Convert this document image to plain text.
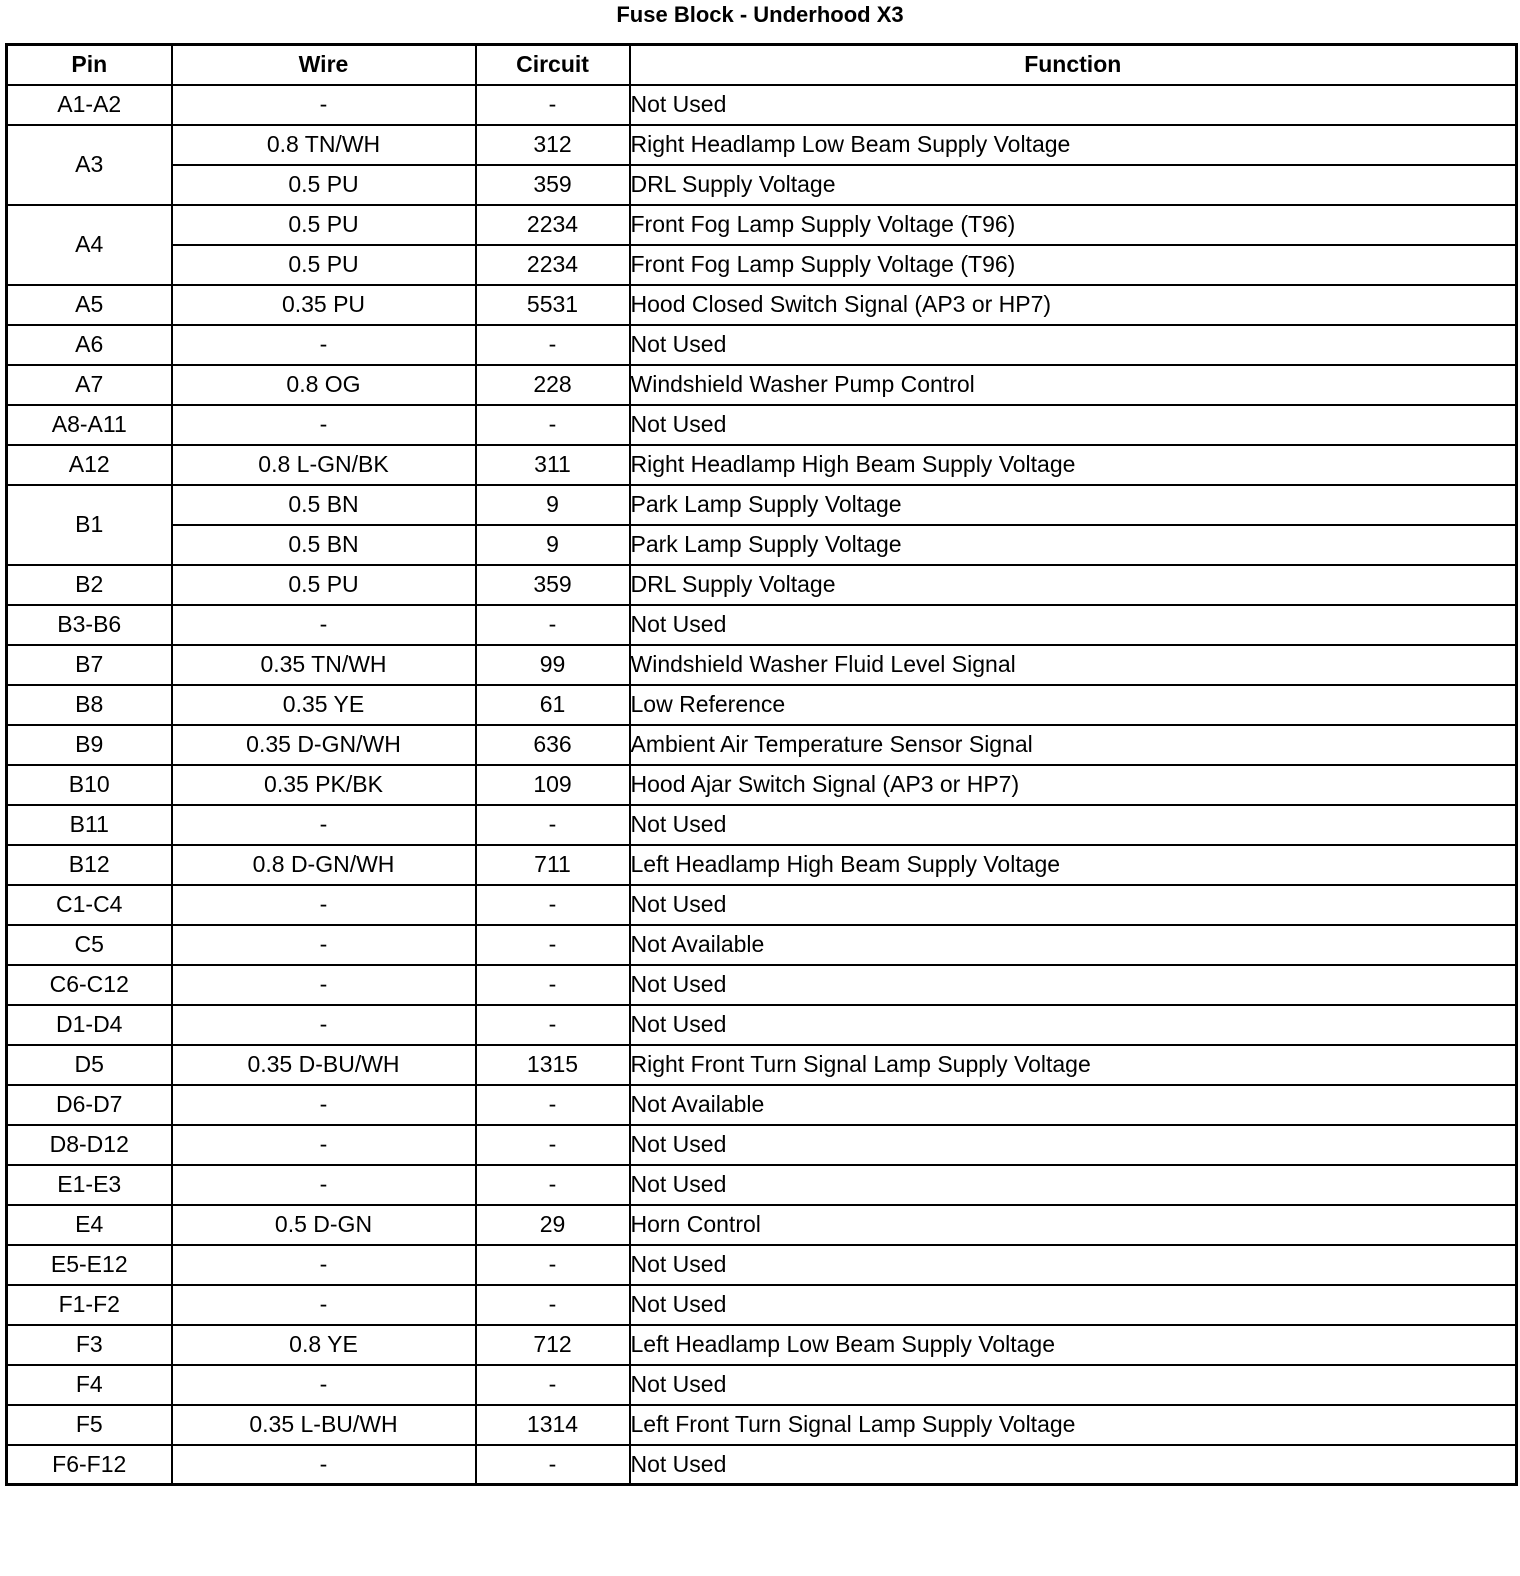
Fuse Block - Underhood X3
Pin	Wire	Circuit	Function
A1-A2	-	-	Not Used
A3	0.8 TN/WH	312	Right Headlamp Low Beam Supply Voltage
	0.5 PU	359	DRL Supply Voltage
A4	0.5 PU	2234	Front Fog Lamp Supply Voltage (T96)
	0.5 PU	2234	Front Fog Lamp Supply Voltage (T96)
A5	0.35 PU	5531	Hood Closed Switch Signal (AP3 or HP7)
A6	-	-	Not Used
A7	0.8 OG	228	Windshield Washer Pump Control
A8-A11	-	-	Not Used
A12	0.8 L-GN/BK	311	Right Headlamp High Beam Supply Voltage
B1	0.5 BN	9	Park Lamp Supply Voltage
	0.5 BN	9	Park Lamp Supply Voltage
B2	0.5 PU	359	DRL Supply Voltage
B3-B6	-	-	Not Used
B7	0.35 TN/WH	99	Windshield Washer Fluid Level Signal
B8	0.35 YE	61	Low Reference
B9	0.35 D-GN/WH	636	Ambient Air Temperature Sensor Signal
B10	0.35 PK/BK	109	Hood Ajar Switch Signal (AP3 or HP7)
B11	-	-	Not Used
B12	0.8 D-GN/WH	711	Left Headlamp High Beam Supply Voltage
C1-C4	-	-	Not Used
C5	-	-	Not Available
C6-C12	-	-	Not Used
D1-D4	-	-	Not Used
D5	0.35 D-BU/WH	1315	Right Front Turn Signal Lamp Supply Voltage
D6-D7	-	-	Not Available
D8-D12	-	-	Not Used
E1-E3	-	-	Not Used
E4	0.5 D-GN	29	Horn Control
E5-E12	-	-	Not Used
F1-F2	-	-	Not Used
F3	0.8 YE	712	Left Headlamp Low Beam Supply Voltage
F4	-	-	Not Used
F5	0.35 L-BU/WH	1314	Left Front Turn Signal Lamp Supply Voltage
F6-F12	-	-	Not Used
